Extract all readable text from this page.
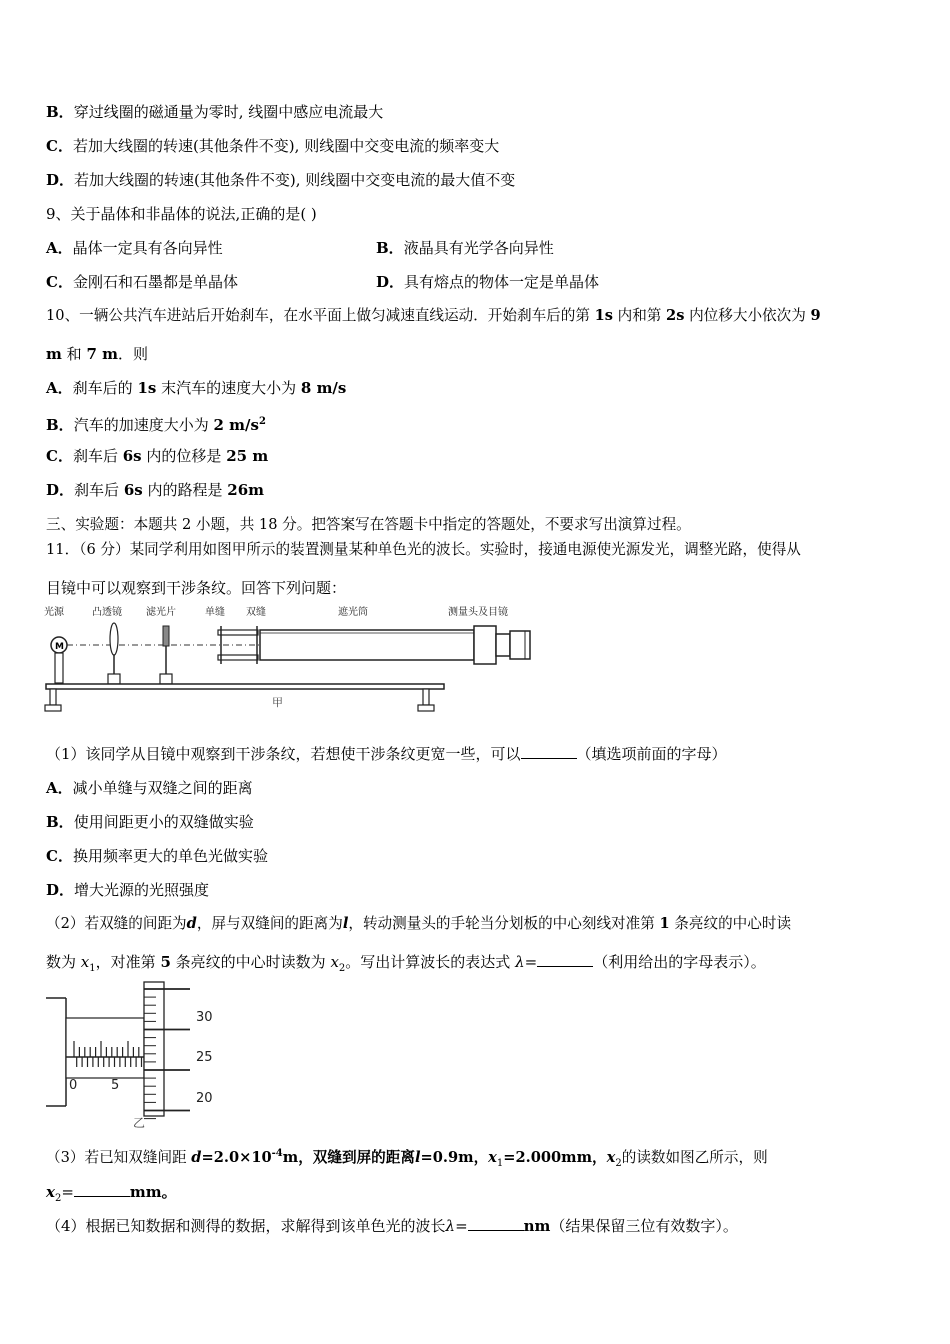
B．穿过线圈的磁通量为零时, 线圈中感应电流最大
C．若加大线圈的转速(其他条件不变), 则线圈中交变电流的频率变大
D．若加大线圈的转速(其他条件不变), 则线圈中交变电流的最大值不变
9、关于晶体和非晶体的说法,正确的是( )
A．晶体一定具有各向异性	B．液晶具有光学各向异性
C．金刚石和石墨都是单晶体	D．具有熔点的物体一定是单晶体
10、一辆公共汽车进站后开始刹车，在水平面上做匀减速直线运动．开始刹车后的第 1s 内和第 2s 内位移大小依次为 9
m 和 7 m．则
A．刹车后的 1s 末汽车的速度大小为 8 m/s
B．汽车的加速度大小为 2 $m/s^2$
C．刹车后 6s 内的位移是 25 m
D．刹车后 6s 内的路程是 26m
三、实验题：本题共 2 小题，共 18 分。把答案写在答题卡中指定的答题处，不要求写出演算过程。
11．（6 分）某同学利用如图甲所示的装置测量某种单色光的波长。实验时，接通电源使光源发光，调整光路，使得从
目镜中可以观察到干涉条纹。回答下列问题：
光源	凸透镜 滤光片	单缝 双缝	遮光筒	测量头及目镜
M
甲
（1）该同学从目镜中观察到干涉条纹，若想使干涉条纹更宽一些，可以	（填选项前面的字母）
A．减小单缝与双缝之间的距离
B．使用间距更小的双缝做实验
C．换用频率更大的单色光做实验
D．增大光源的光照强度
（2）若双缝的间距为d，屏与双缝间的距离为l，转动测量头的手轮当分划板的中心刻线对准第 1 条亮纹的中心时读
数为 $x_1$，对准第 5 条亮纹的中心时读数为 $x_2$。写出计算波长的表达式 λ=	（利用给出的字母表示）。
0	5
30
25
20
乙
（3）若已知双缝间距 $d=2.0\times 10^{-4}m$，双缝到屏的距离l=0.9m，$x_1=2.000mm$，$x_2$的读数如图乙所示，则
$x_2=$	mm。
（4）根据已知数据和测得的数据，求解得到该单色光的波长λ=	nm（结果保留三位有效数字）。
